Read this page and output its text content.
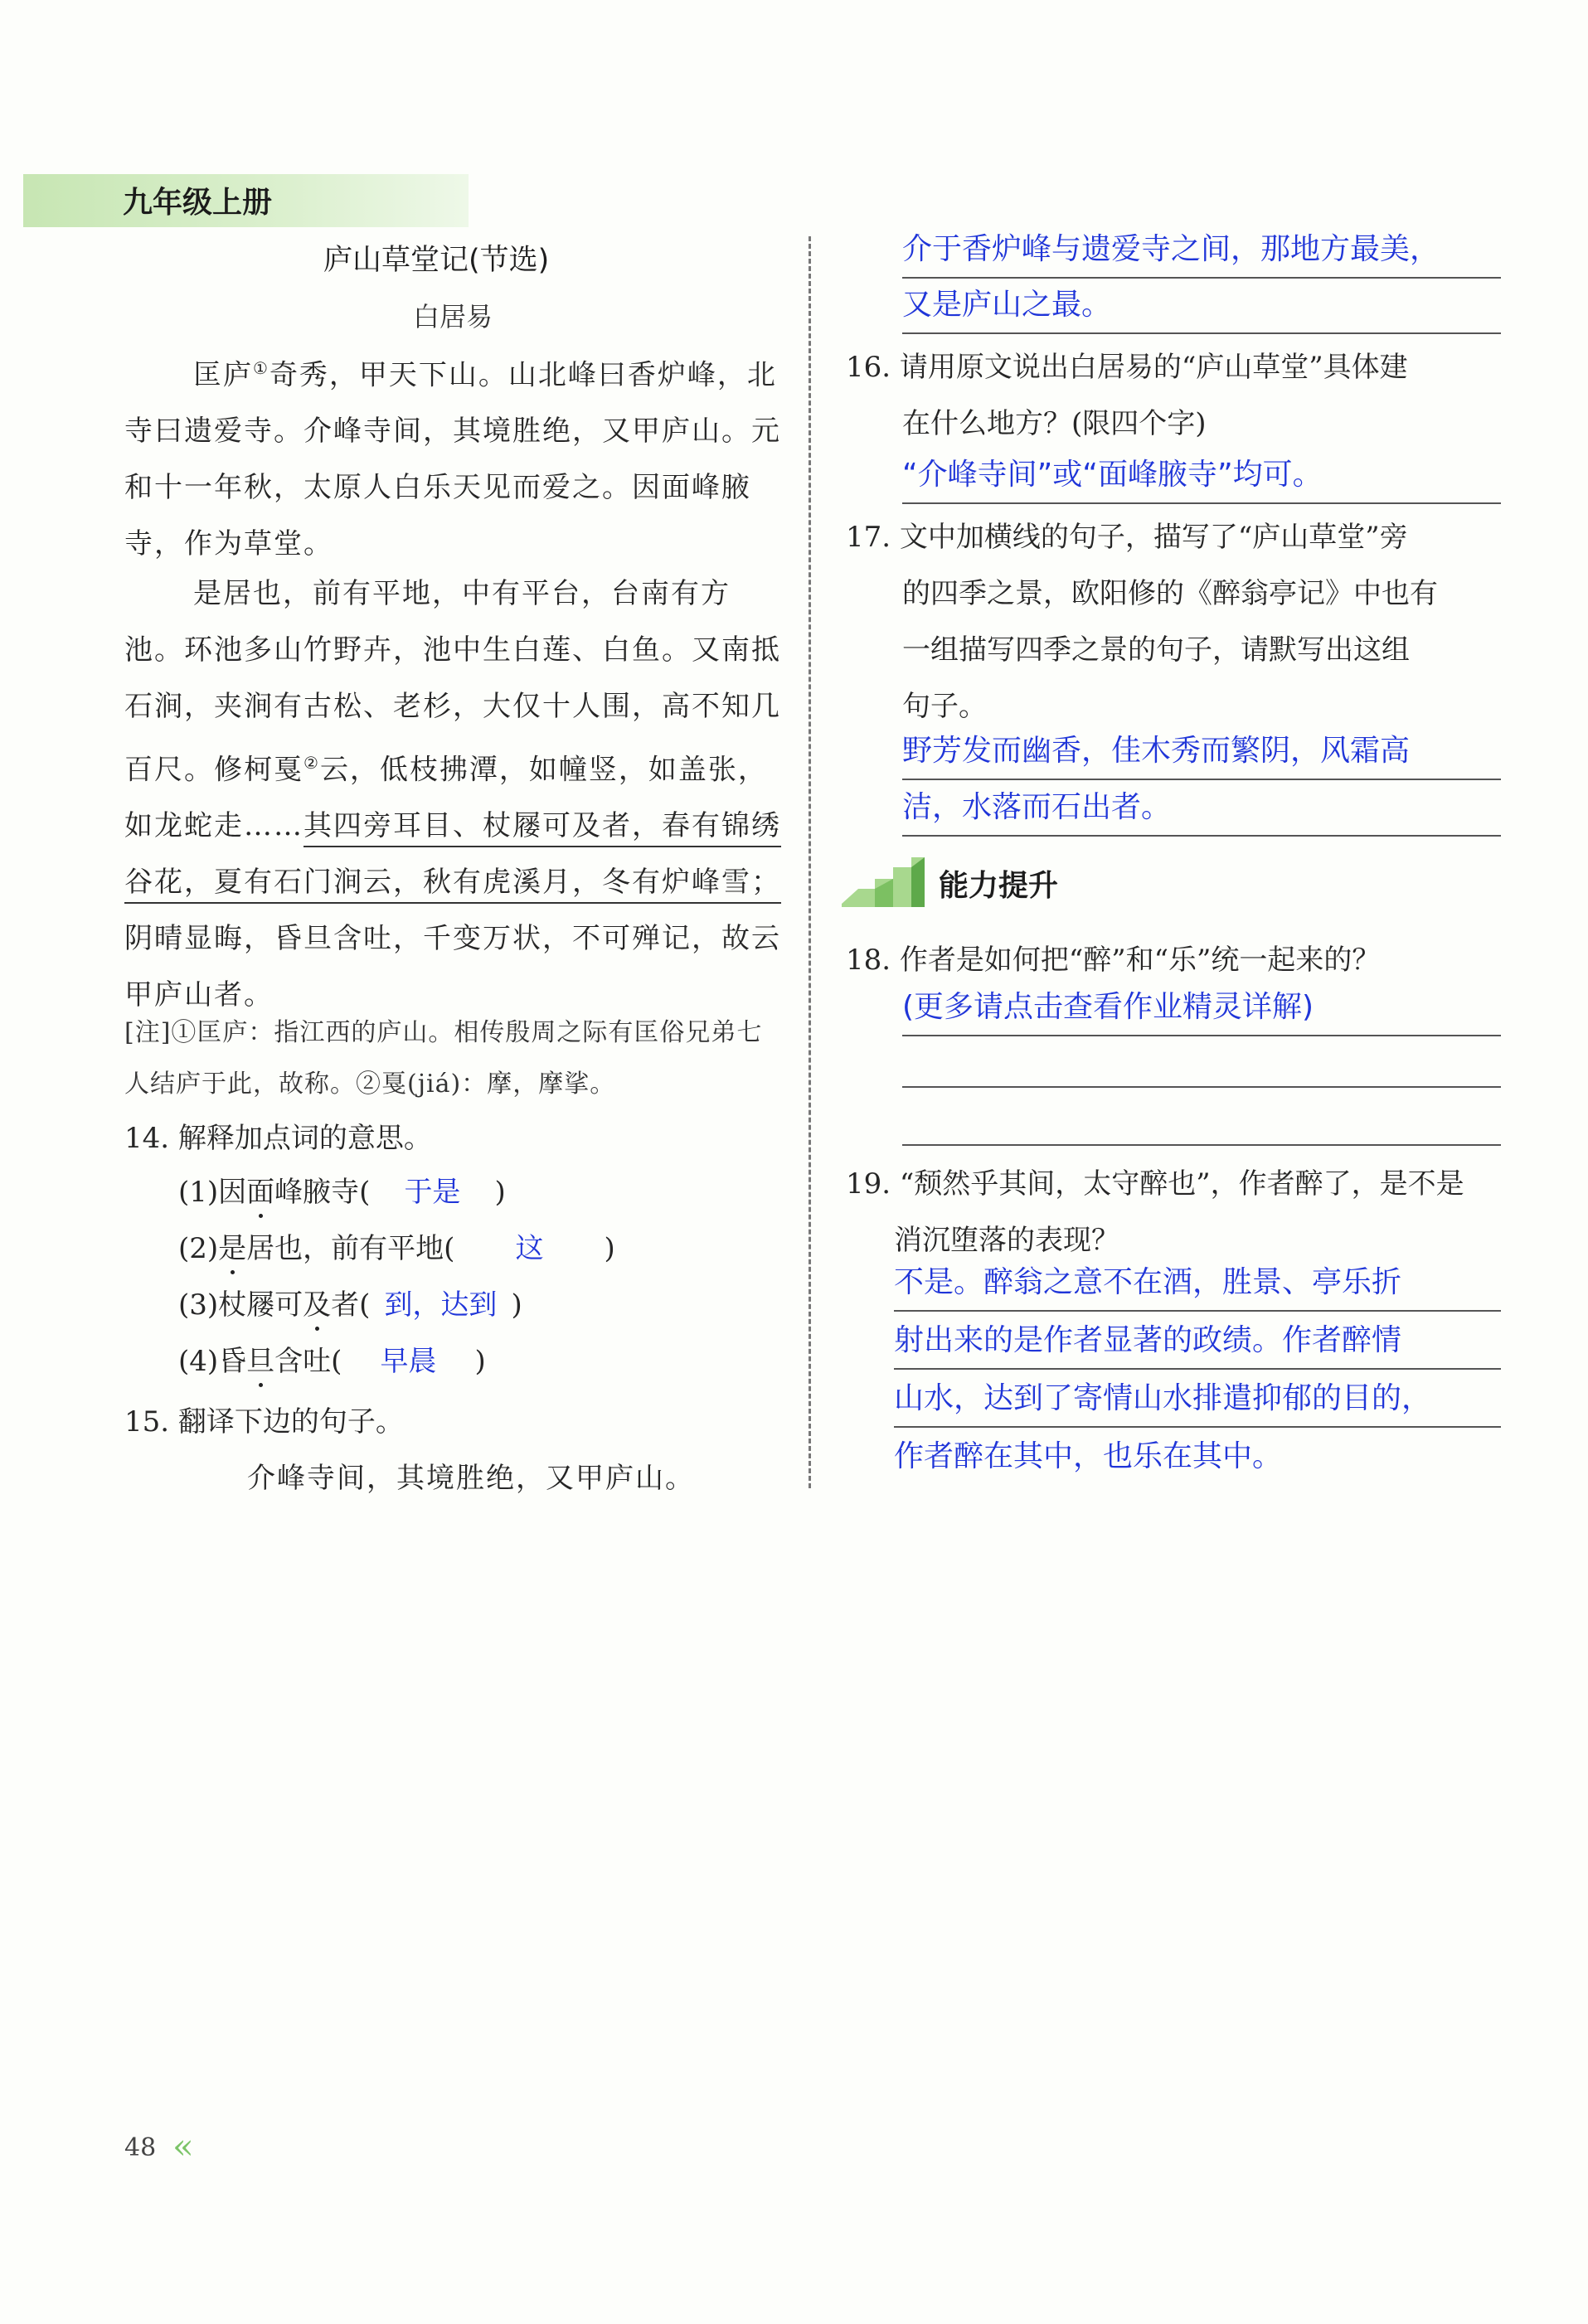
九年级上册
庐山草堂记(节选)
白居易
匡庐①奇秀，甲天下山。山北峰曰香炉峰，北寺曰遗爱寺。介峰寺间，其境胜绝，又甲庐山。元和十一年秋，太原人白乐天见而爱之。因面峰腋寺，作为草堂。
是居也，前有平地，中有平台，台南有方池。环池多山竹野卉，池中生白莲、白鱼。又南抵石涧，夹涧有古松、老杉，大仅十人围，高不知几百尺。修柯戛②云，低枝拂潭，如幢竖，如盖张，如龙蛇走……其四旁耳目、杖屦可及者，春有锦绣谷花，夏有石门涧云，秋有虎溪月，冬有炉峰雪；阴晴显晦，昏旦含吐，千变万状，不可殚记，故云甲庐山者。
[注]①匡庐：指江西的庐山。相传殷周之际有匡俗兄弟七人结庐于此，故称。②戛(jiá)：摩，摩挲。
14. 解释加点词的意思。
(1)因面峰腋寺( 于是 )
(2)是居也，前有平地( 这 )
(3)杖屦可及者( 到，达到 )
(4)昏旦含吐( 早晨 )
15. 翻译下边的句子。
介峰寺间，其境胜绝，又甲庐山。
介于香炉峰与遗爱寺之间，那地方最美，
又是庐山之最。
16. 请用原文说出白居易的“庐山草堂”具体建
在什么地方？(限四个字)
“介峰寺间”或“面峰腋寺”均可。
17. 文中加横线的句子，描写了“庐山草堂”旁
的四季之景，欧阳修的《醉翁亭记》中也有
一组描写四季之景的句子，请默写出这组
句子。
野芳发而幽香，佳木秀而繁阴，风霜高
洁，水落而石出者。
能力提升
18. 作者是如何把“醉”和“乐”统一起来的？
(更多请点击查看作业精灵详解)
19. “颓然乎其间，太守醉也”，作者醉了，是不是
消沉堕落的表现？
不是。醉翁之意不在酒，胜景、亭乐折
射出来的是作者显著的政绩。作者醉情
山水，达到了寄情山水排遣抑郁的目的，
作者醉在其中，也乐在其中。
48 «
